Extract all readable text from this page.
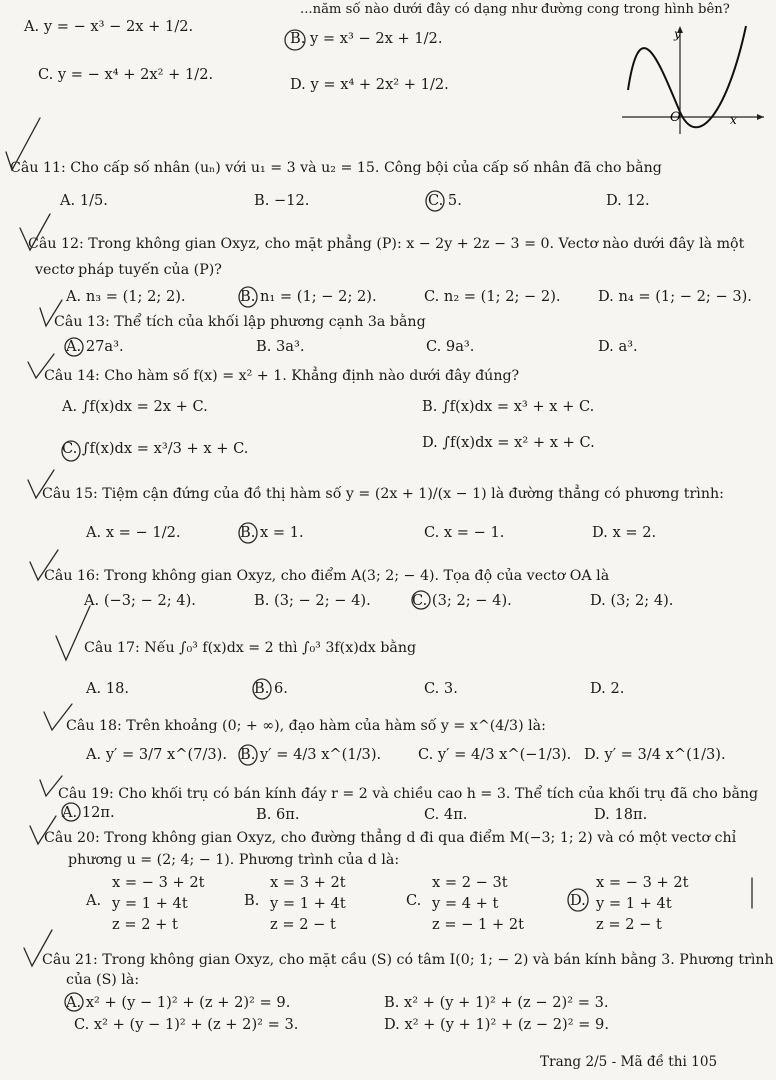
...năm số nào dưới đây có dạng như đường cong trong hình bên?
A. y = − x³ − 2x + 1/2.
B. y = x³ − 2x + 1/2.
C. y = − x⁴ + 2x² + 1/2.
D. y = x⁴ + 2x² + 1/2.
O
y
x
Câu 11: Cho cấp số nhân (uₙ) với u₁ = 3 và u₂ = 15. Công bội của cấp số nhân đã cho bằng
A. 1/5.	B. −12.	C. 5.	D. 12.
Câu 12: Trong không gian Oxyz, cho mặt phẳng (P): x − 2y + 2z − 3 = 0. Vectơ nào dưới đây là một
vectơ pháp tuyến của (P)?
A. n₃ = (1; 2; 2).	B. n₁ = (1; − 2; 2).	C. n₂ = (1; 2; − 2).	D. n₄ = (1; − 2; − 3).
Câu 13: Thể tích của khối lập phương cạnh 3a bằng
A. 27a³.	B. 3a³.	C. 9a³.	D. a³.
Câu 14: Cho hàm số f(x) = x² + 1. Khẳng định nào dưới đây đúng?
A. ∫f(x)dx = 2x + C.	B. ∫f(x)dx = x³ + x + C.
C. ∫f(x)dx = x³/3 + x + C.	D. ∫f(x)dx = x² + x + C.
Câu 15: Tiệm cận đứng của đồ thị hàm số y = (2x + 1)/(x − 1) là đường thẳng có phương trình:
A. x = − 1/2.	B. x = 1.	C. x = − 1.	D. x = 2.
Câu 16: Trong không gian Oxyz, cho điểm A(3; 2; − 4). Tọa độ của vectơ OA là
A. (−3; − 2; 4).	B. (3; − 2; − 4).	C. (3; 2; − 4).	D. (3; 2; 4).
Câu 17: Nếu ∫₀³ f(x)dx = 2 thì ∫₀³ 3f(x)dx bằng
A. 18.	B. 6.	C. 3.	D. 2.
Câu 18: Trên khoảng (0; + ∞), đạo hàm của hàm số y = x^(4/3) là:
A. y′ = 3/7 x^(7/3). B. y′ = 4/3 x^(1/3).	C. y′ = 4/3 x^(−1/3). D. y′ = 3/4 x^(1/3).
Câu 19: Cho khối trụ có bán kính đáy r = 2 và chiều cao h = 3. Thể tích của khối trụ đã cho bằng
A. 12π.	B. 6π.	C. 4π.	D. 18π.
Câu 20: Trong không gian Oxyz, cho đường thẳng d đi qua điểm M(−3; 1; 2) và có một vectơ chỉ
phương u = (2; 4; − 1). Phương trình của d là:
A.
x = − 3 + 2t
y = 1 + 4t
z = 2 + t
B.
x = 3 + 2t
y = 1 + 4t
z = 2 − t
C.
x = 2 − 3t
y = 4 + t
z = − 1 + 2t
D.
x = − 3 + 2t
y = 1 + 4t
z = 2 − t
Câu 21: Trong không gian Oxyz, cho mặt cầu (S) có tâm I(0; 1; − 2) và bán kính bằng 3. Phương trình
của (S) là:
A. x² + (y − 1)² + (z + 2)² = 9.	B. x² + (y + 1)² + (z − 2)² = 3.
C. x² + (y − 1)² + (z + 2)² = 3.	D. x² + (y + 1)² + (z − 2)² = 9.
Trang 2/5 - Mã đề thi 105
